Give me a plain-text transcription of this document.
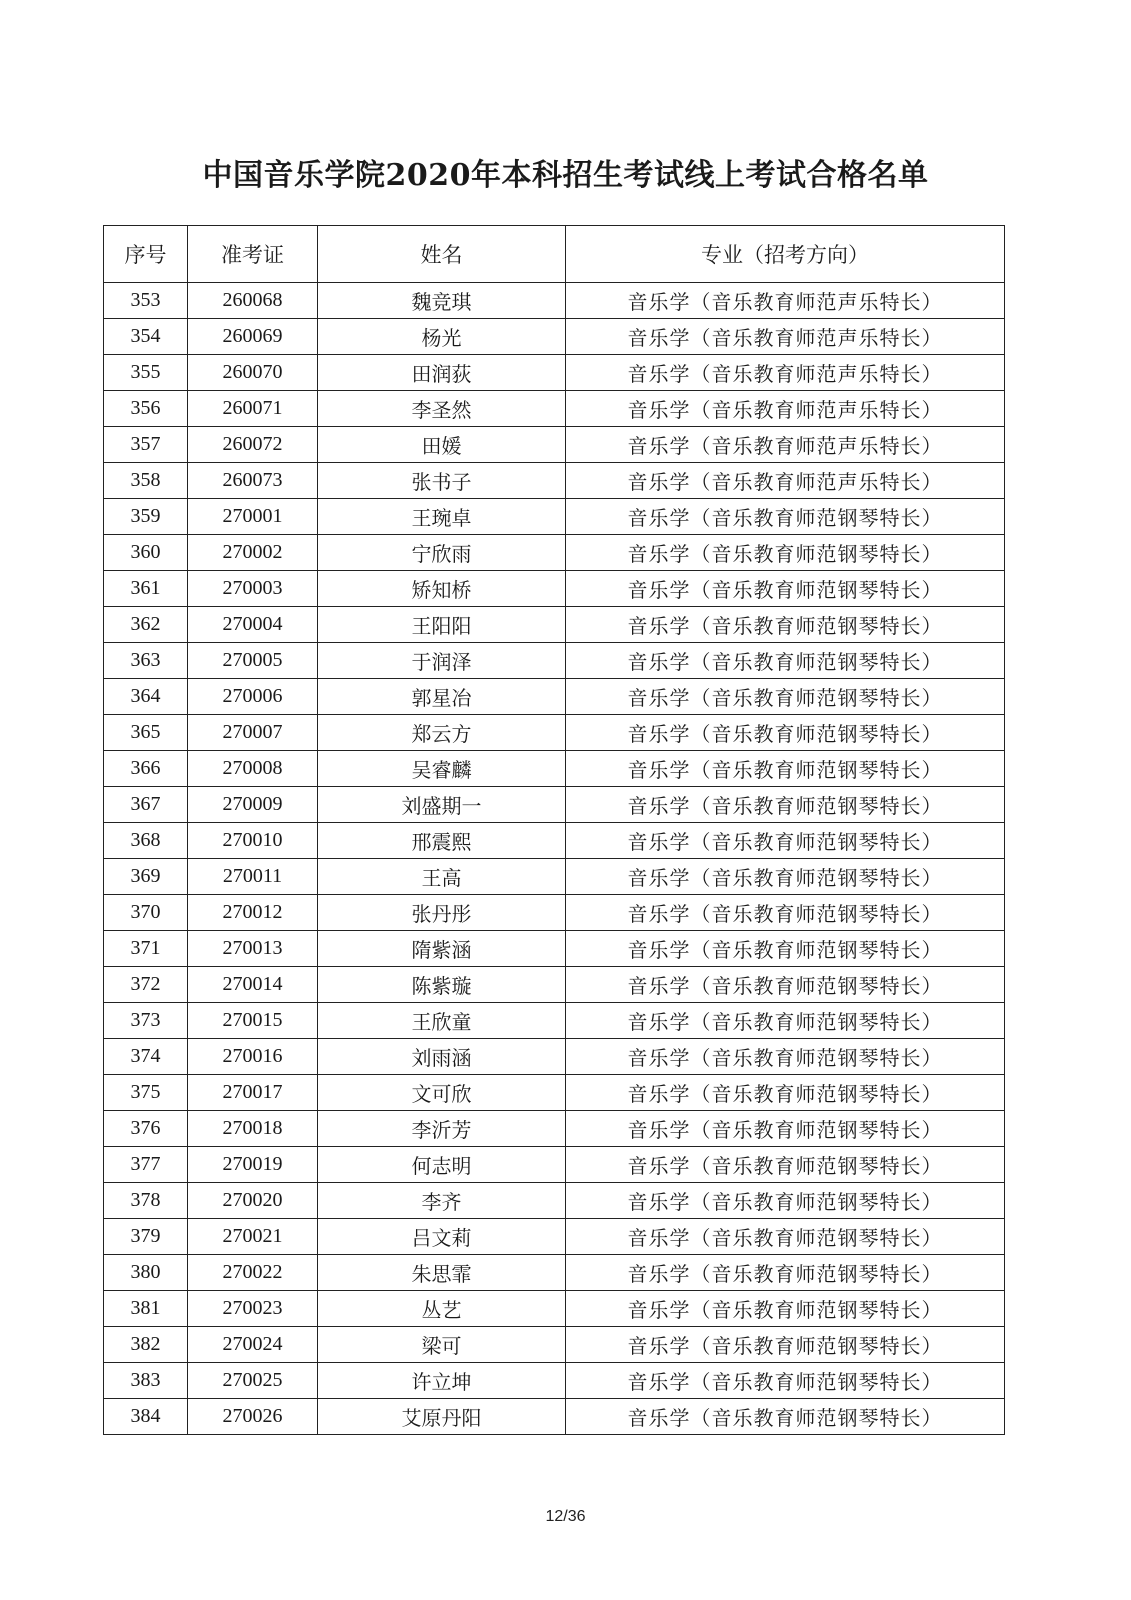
中国音乐学院2020年本科招生考试线上考试合格名单
序号	准考证	姓名	专业（招考方向）
353	260068	魏竞琪	音乐学（音乐教育师范声乐特长）
354	260069	杨光	音乐学（音乐教育师范声乐特长）
355	260070	田润荻	音乐学（音乐教育师范声乐特长）
356	260071	李圣然	音乐学（音乐教育师范声乐特长）
357	260072	田媛	音乐学（音乐教育师范声乐特长）
358	260073	张书子	音乐学（音乐教育师范声乐特长）
359	270001	王琬卓	音乐学（音乐教育师范钢琴特长）
360	270002	宁欣雨	音乐学（音乐教育师范钢琴特长）
361	270003	矫知桥	音乐学（音乐教育师范钢琴特长）
362	270004	王阳阳	音乐学（音乐教育师范钢琴特长）
363	270005	于润泽	音乐学（音乐教育师范钢琴特长）
364	270006	郭星冶	音乐学（音乐教育师范钢琴特长）
365	270007	郑云方	音乐学（音乐教育师范钢琴特长）
366	270008	吴睿麟	音乐学（音乐教育师范钢琴特长）
367	270009	刘盛期一	音乐学（音乐教育师范钢琴特长）
368	270010	邢震熙	音乐学（音乐教育师范钢琴特长）
369	270011	王高	音乐学（音乐教育师范钢琴特长）
370	270012	张丹彤	音乐学（音乐教育师范钢琴特长）
371	270013	隋紫涵	音乐学（音乐教育师范钢琴特长）
372	270014	陈紫璇	音乐学（音乐教育师范钢琴特长）
373	270015	王欣童	音乐学（音乐教育师范钢琴特长）
374	270016	刘雨涵	音乐学（音乐教育师范钢琴特长）
375	270017	文可欣	音乐学（音乐教育师范钢琴特长）
376	270018	李沂芳	音乐学（音乐教育师范钢琴特长）
377	270019	何志明	音乐学（音乐教育师范钢琴特长）
378	270020	李齐	音乐学（音乐教育师范钢琴特长）
379	270021	吕文莉	音乐学（音乐教育师范钢琴特长）
380	270022	朱思霏	音乐学（音乐教育师范钢琴特长）
381	270023	丛艺	音乐学（音乐教育师范钢琴特长）
382	270024	梁可	音乐学（音乐教育师范钢琴特长）
383	270025	许立坤	音乐学（音乐教育师范钢琴特长）
384	270026	艾原丹阳	音乐学（音乐教育师范钢琴特长）
12/36
